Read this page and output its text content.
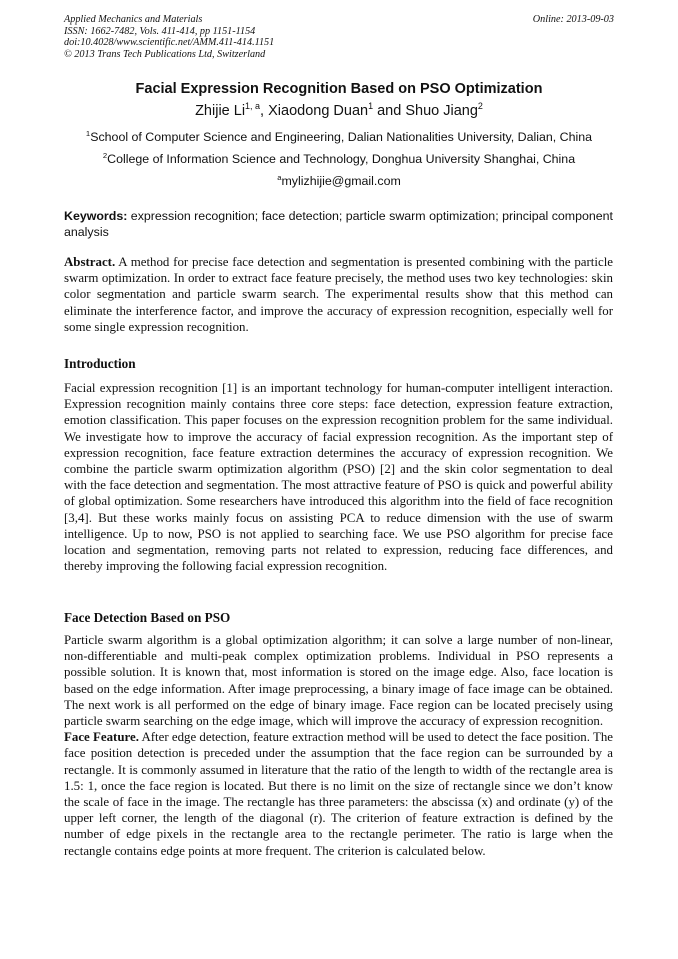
Applied Mechanics and Materials
ISSN: 1662-7482, Vols. 411-414, pp 1151-1154
doi:10.4028/www.scientific.net/AMM.411-414.1151
© 2013 Trans Tech Publications Ltd, Switzerland
Online: 2013-09-03
Facial Expression Recognition Based on PSO Optimization
Zhijie Li$^{1, a}$, Xiaodong Duan$^1$ and Shuo Jiang$^2$
$^1$School of Computer Science and Engineering, Dalian Nationalities University, Dalian, China
$^2$College of Information Science and Technology, Donghua University Shanghai, China
$^a$mylizhijie@gmail.com
Keywords: expression recognition; face detection; particle swarm optimization; principal component analysis
Abstract. A method for precise face detection and segmentation is presented combining with the particle swarm optimization. In order to extract face feature precisely, the method uses two key technologies: skin color segmentation and particle swarm search. The experimental results show that this method can eliminate the interference factor, and improve the accuracy of expression recognition, especially well for some single expression recognition.
Introduction
Facial expression recognition [1] is an important technology for human-computer intelligent interaction. Expression recognition mainly contains three core steps: face detection, expression feature extraction, emotion classification. This paper focuses on the expression recognition problem for the same individual. We investigate how to improve the accuracy of facial expression recognition. As the important step of expression recognition, face feature extraction determines the accuracy of expression recognition. We combine the particle swarm optimization algorithm (PSO) [2] and the skin color segmentation to deal with the face detection and segmentation. The most attractive feature of PSO is quick and powerful ability of global optimization. Some researchers have introduced this algorithm into the field of face recognition [3,4]. But these works mainly focus on assisting PCA to reduce dimension with the use of swarm intelligence. Up to now, PSO is not applied to searching face. We use PSO algorithm for precise face location and segmentation, removing parts not related to expression, reducing face differences, and thereby improving the following facial expression recognition.
Face Detection Based on PSO
Particle swarm algorithm is a global optimization algorithm; it can solve a large number of non-linear, non-differentiable and multi-peak complex optimization problems. Individual in PSO represents a possible solution. It is known that, most information is stored on the image edge. Also, face location is based on the edge information. After image preprocessing, a binary image of face image can be obtained. The next work is all performed on the edge of binary image. Face region can be located precisely using particle swarm searching on the edge image, which will improve the accuracy of expression recognition.
Face Feature. After edge detection, feature extraction method will be used to detect the face position. The face position detection is preceded under the assumption that the face region can be surrounded by a rectangle. It is commonly assumed in literature that the ratio of the length to width of the rectangle area is 1.5: 1, once the face region is located. But there is no limit on the size of rectangle since we don’t know the scale of face in the image. The rectangle has three parameters: the abscissa (x) and ordinate (y) of the upper left corner, the length of the diagonal (r). The criterion of feature extraction is defined by the number of edge pixels in the rectangle area to the rectangle perimeter. The ratio is large when the rectangle contains edge points at more frequent. The criterion is calculated below.
